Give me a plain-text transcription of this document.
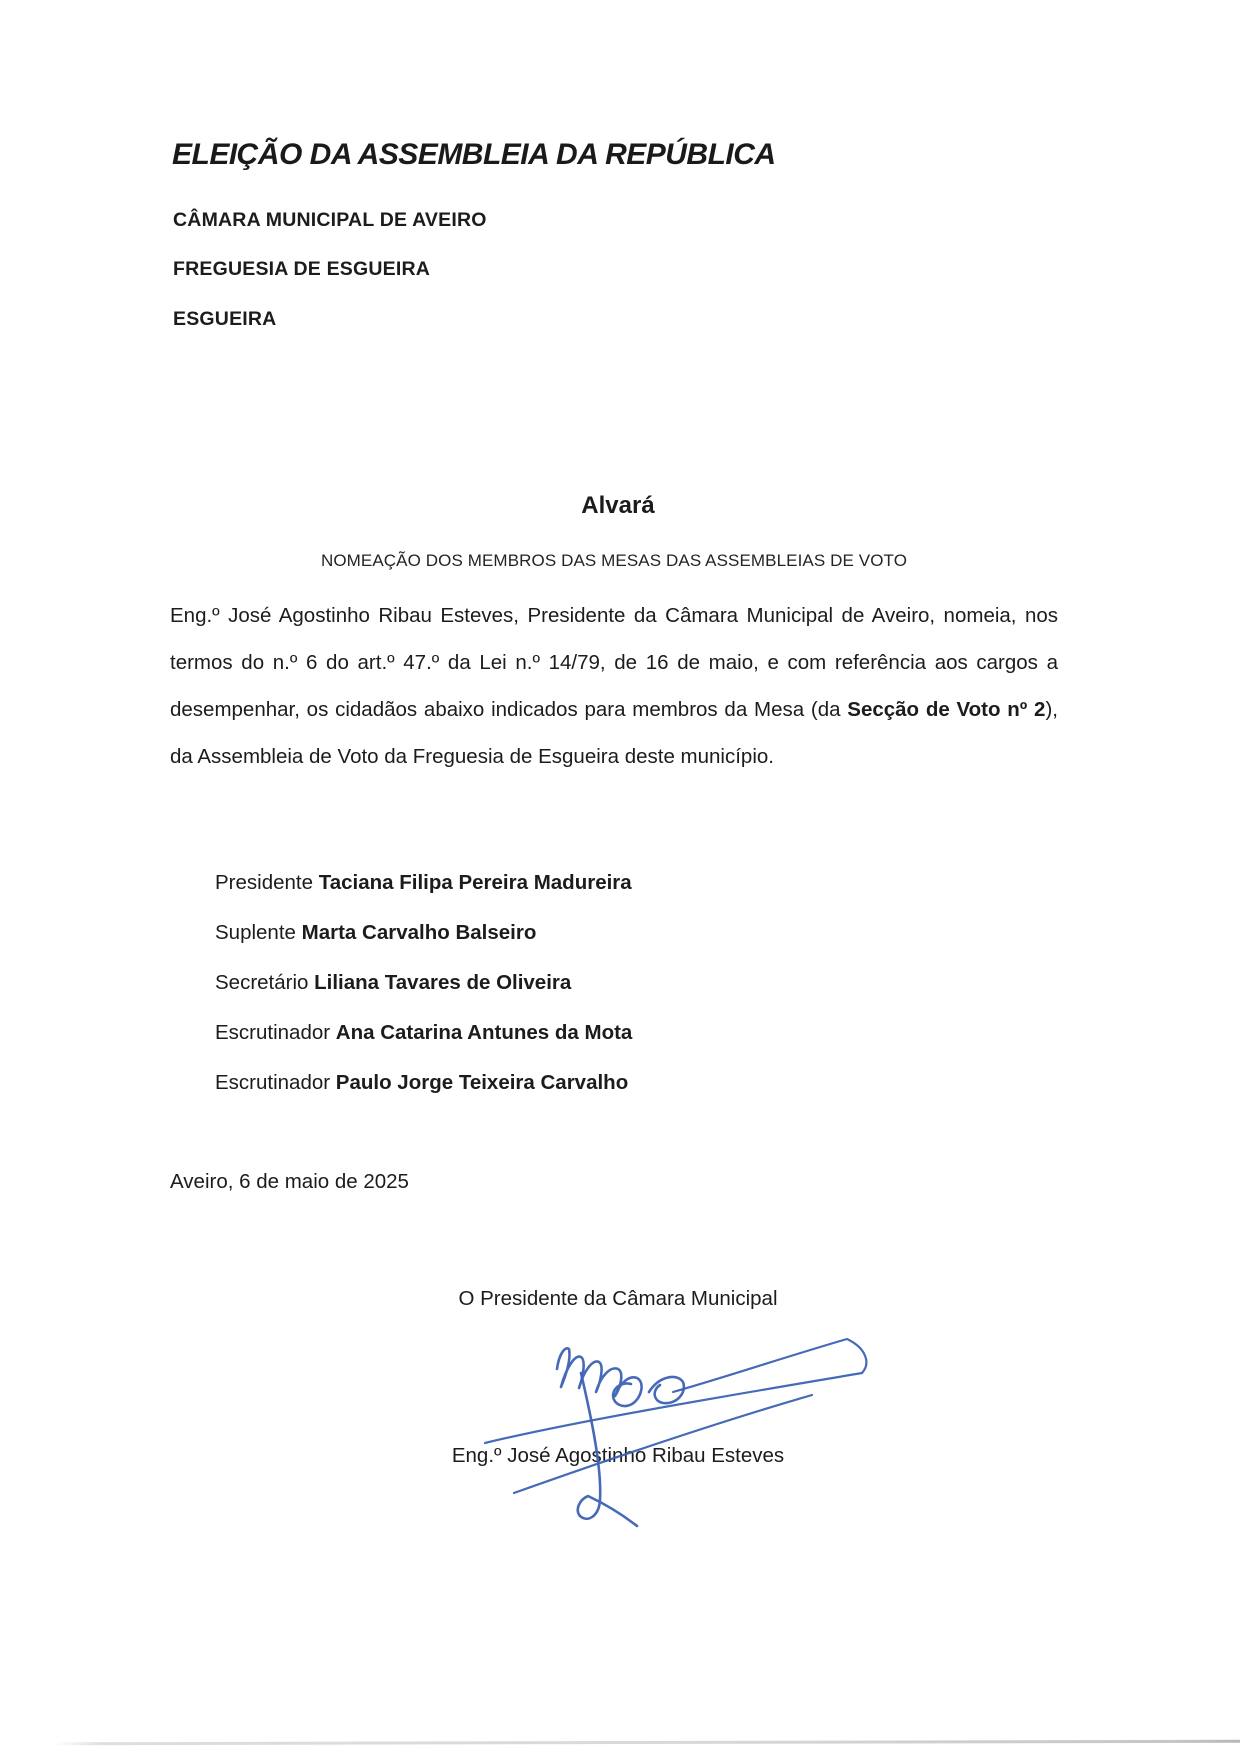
ELEIÇÃO DA ASSEMBLEIA DA REPÚBLICA
CÂMARA MUNICIPAL DE AVEIRO
FREGUESIA DE ESGUEIRA
ESGUEIRA
Alvará
NOMEAÇÃO DOS MEMBROS DAS MESAS DAS ASSEMBLEIAS DE VOTO

Eng.º José Agostinho Ribau Esteves, Presidente da Câmara Municipal de Aveiro, nomeia, nos termos do n.º 6 do art.º 47.º da Lei n.º 14/79, de 16 de maio, e com referência aos cargos a desempenhar, os cidadãos abaixo indicados para membros da Mesa (da Secção de Voto nº 2), da Assembleia de Voto da Freguesia de Esgueira deste município.

Presidente Taciana Filipa Pereira Madureira
Suplente Marta Carvalho Balseiro
Secretário Liliana Tavares de Oliveira
Escrutinador Ana Catarina Antunes da Mota
Escrutinador Paulo Jorge Teixeira Carvalho
Aveiro, 6 de maio de 2025
O Presidente da Câmara Municipal
Eng.º José Agostinho Ribau Esteves
